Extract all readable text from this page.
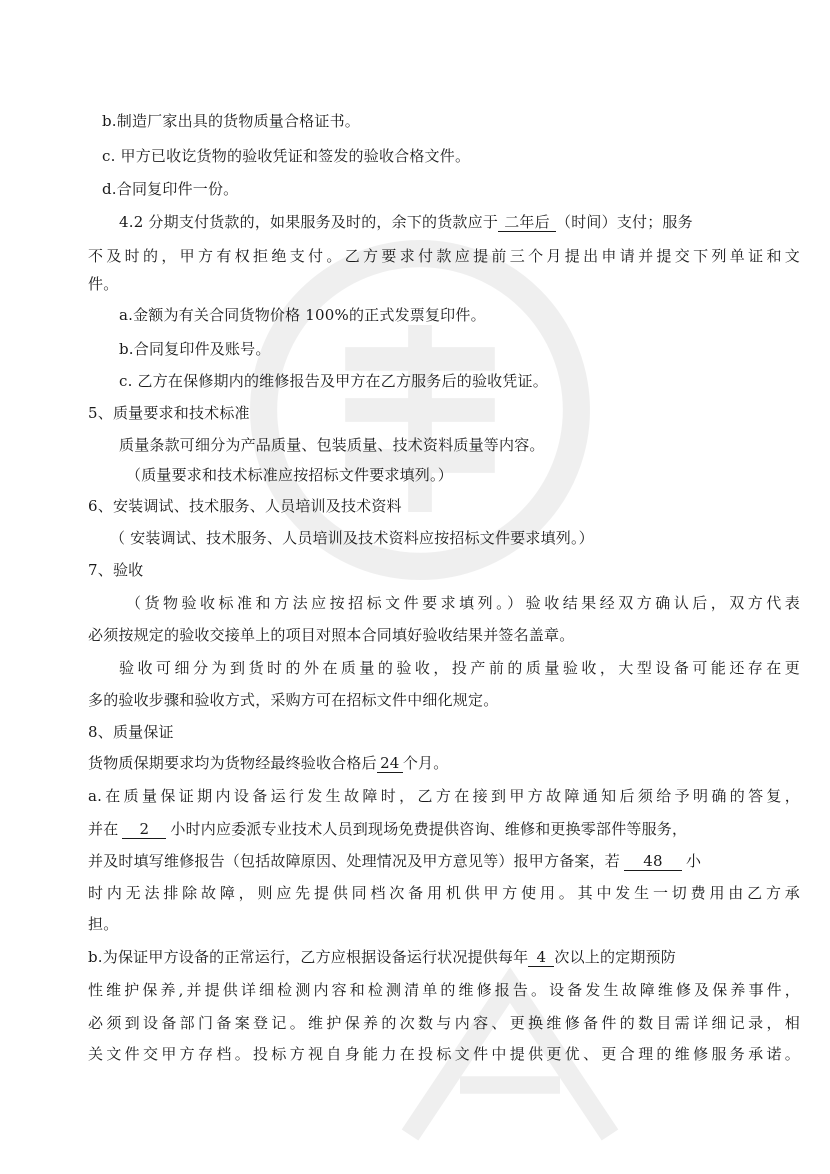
b.制造厂家出具的货物质量合格证书。
c. 甲方已收讫货物的验收凭证和签发的验收合格文件。
d.合同复印件一份。
4.2 分期支付货款的，如果服务及时的，余下的货款应于 二年后 （时间）支付；服务
不及时的，甲方有权拒绝支付。乙方要求付款应提前三个月提出申请并提交下列单证和文
件。
a.金额为有关合同货物价格 100%的正式发票复印件。
b.合同复印件及账号。
c. 乙方在保修期内的维修报告及甲方在乙方服务后的验收凭证。
5、质量要求和技术标准
质量条款可细分为产品质量、包装质量、技术资料质量等内容。
（质量要求和技术标准应按招标文件要求填列。）
6、安装调试、技术服务、人员培训及技术资料
（ 安装调试、技术服务、人员培训及技术资料应按招标文件要求填列。）
7、验收
（货物验收标准和方法应按招标文件要求填列。）验收结果经双方确认后，双方代表
必须按规定的验收交接单上的项目对照本合同填好验收结果并签名盖章。
验收可细分为到货时的外在质量的验收，投产前的质量验收，大型设备可能还存在更
多的验收步骤和验收方式，采购方可在招标文件中细化规定。
8、质量保证
货物质保期要求均为货物经最终验收合格后 24 个月。
a.在质量保证期内设备运行发生故障时，乙方在接到甲方故障通知后须给予明确的答复，
并在 2 小时内应委派专业技术人员到现场免费提供咨询、维修和更换零部件等服务，
并及时填写维修报告（包括故障原因、处理情况及甲方意见等）报甲方备案，若 48 小
时内无法排除故障，则应先提供同档次备用机供甲方使用。其中发生一切费用由乙方承
担。
b.为保证甲方设备的正常运行，乙方应根据设备运行状况提供每年 4 次以上的定期预防
性维护保养,并提供详细检测内容和检测清单的维修报告。设备发生故障维修及保养事件，
必须到设备部门备案登记。维护保养的次数与内容、更换维修备件的数目需详细记录，相
关文件交甲方存档。投标方视自身能力在投标文件中提供更优、更合理的维修服务承诺。
